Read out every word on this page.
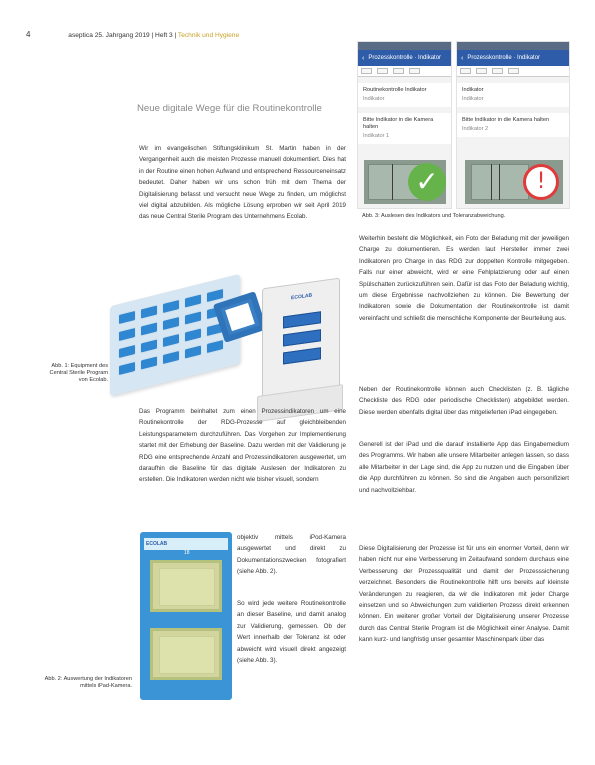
4	aseptica 25. Jahrgang 2019 | Heft 3 | Technik und Hygiene
‹ Prozesskontrolle · Indikator
Routinekontrolle Indikator
Indikator
Bitte Indikator in die Kamera halten
Indikator 1
✓
‹ Prozesskontrolle · Indikator
Indikator
Indikator
Bitte Indikator in die Kamera halten
Indikator 2
!
Abb. 3: Auslesen des Indikators und Toleranzabweichung.
Neue digitale Wege für die Routinekontrolle
Wir im evangelischen Stiftungsklinikum St. Martin haben in der Vergangenheit auch die meisten Prozesse manuell dokumentiert. Dies hat in der Routine einen hohen Aufwand und entsprechend Ressourceneinsatz bedeutet. Daher haben wir uns schon früh mit dem Thema der Digitalisierung befasst und versucht neue Wege zu finden, um möglichst viel digital abzubilden. Als mögliche Lösung erproben wir seit April 2019 das neue Central Sterile Program des Unternehmens Ecolab.
ECOLAB
Abb. 1: Equipment des Central Sterile Program von Ecolab.
Das Programm beinhaltet zum einen Prozessindikatoren um eine Routinekontrolle der RDG-Prozesse auf gleichbleibenden Leistungsparametern durchzuführen. Das Vorgehen zur Implementierung startet mit der Erhebung der Baseline. Dazu werden mit der Validierung je RDG eine entsprechende Anzahl and Prozessindikatoren ausgewertet, um daraufhin die Baseline für das digitale Auslesen der Indikatoren zu erstellen. Die Indikatoren werden nicht wie bisher visuell, sondern
ECOLAB
18
Abb. 2: Auswertung der Indikatoren mittels iPad-Kamera.
objektiv mittels iPod-Kamera ausgewertet und direkt zu Dokumentationszwecken fotografiert (siehe Abb. 2).
So wird jede weitere Routinekontrolle an dieser Baseline, und damit analog zur Validierung, gemessen. Ob der Wert innerhalb der Toleranz ist oder abweicht wird visuell direkt angezeigt (siehe Abb. 3).
Weiterhin besteht die Möglichkeit, ein Foto der Beladung mit der jeweiligen Charge zu dokumentieren. Es werden laut Hersteller immer zwei Indikatoren pro Charge in das RDG zur doppelten Kontrolle mitgegeben. Falls nur einer abweicht, wird er eine Fehlplatzierung oder auf einen Spülschatten zurückzuführen sein. Dafür ist das Foto der Beladung wichtig, um diese Ergebnisse nachvollziehen zu können. Die Bewertung der Indikatoren sowie die Dokumentation der Routinekontrolle ist damit vereinfacht und schließt die menschliche Komponente der Beurteilung aus.
Neben der Routinekontrolle können auch Checklisten (z. B. tägliche Checkliste des RDG oder periodische Checklisten) abgebildet werden. Diese werden ebenfalls digital über das mitgelieferten iPad eingegeben.
Generell ist der iPad und die darauf installierte App das Eingabemedium des Programms. Wir haben alle unsere Mitarbeiter anlegen lassen, so dass alle Mitarbeiter in der Lage sind, die App zu nutzen und die Eingaben über die App durchführen zu können. So sind die Angaben auch personifiziert und nachvollziehbar.
Diese Digitalisierung der Prozesse ist für uns ein enormer Vorteil, denn wir haben nicht nur eine Verbesserung im Zeitaufwand sondern durchaus eine Verbesserung der Prozessqualität und damit der Prozesssicherung verzeichnet. Besonders die Routinekontrolle hilft uns bereits auf kleinste Veränderungen zu reagieren, da wir die Indikatoren mit jeder Charge einsetzen und so Abweichungen zum validierten Prozess direkt erkennen können. Ein weiterer großer Vorteil der Digitalisierung unserer Prozesse durch das Central Sterile Program ist die Möglichkeit einer Analyse. Damit kann kurz- und langfristig unser gesamter Maschinenpark über das
